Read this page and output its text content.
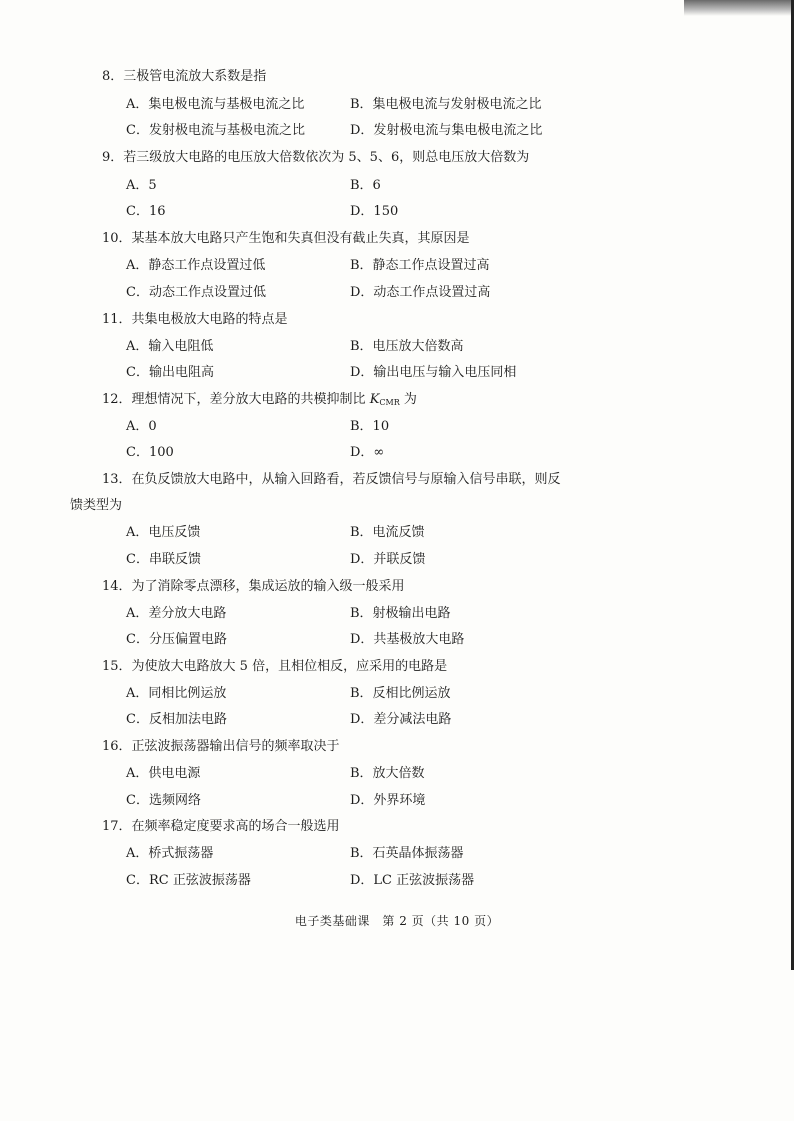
8．三极管电流放大系数是指
A．集电极电流与基极电流之比	B．集电极电流与发射极电流之比
C．发射极电流与基极电流之比	D．发射极电流与集电极电流之比
9．若三级放大电路的电压放大倍数依次为 5、5、6，则总电压放大倍数为
A．5	B．6
C．16	D．150
10．某基本放大电路只产生饱和失真但没有截止失真，其原因是
A．静态工作点设置过低	B．静态工作点设置过高
C．动态工作点设置过低	D．动态工作点设置过高
11．共集电极放大电路的特点是
A．输入电阻低	B．电压放大倍数高
C．输出电阻高	D．输出电压与输入电压同相
12．理想情况下，差分放大电路的共模抑制比 $K_{CMR}$ 为
A．0	B．10
C．100	D．∞
13．在负反馈放大电路中，从输入回路看，若反馈信号与原输入信号串联，则反
馈类型为
A．电压反馈	B．电流反馈
C．串联反馈	D．并联反馈
14．为了消除零点漂移，集成运放的输入级一般采用
A．差分放大电路	B．射极输出电路
C．分压偏置电路	D．共基极放大电路
15．为使放大电路放大 5 倍，且相位相反，应采用的电路是
A．同相比例运放	B．反相比例运放
C．反相加法电路	D．差分减法电路
16．正弦波振荡器输出信号的频率取决于
A．供电电源	B．放大倍数
C．选频网络	D．外界环境
17．在频率稳定度要求高的场合一般选用
A．桥式振荡器	B．石英晶体振荡器
C．RC 正弦波振荡器	D．LC 正弦波振荡器
电子类基础课　第 2 页（共 10 页）
